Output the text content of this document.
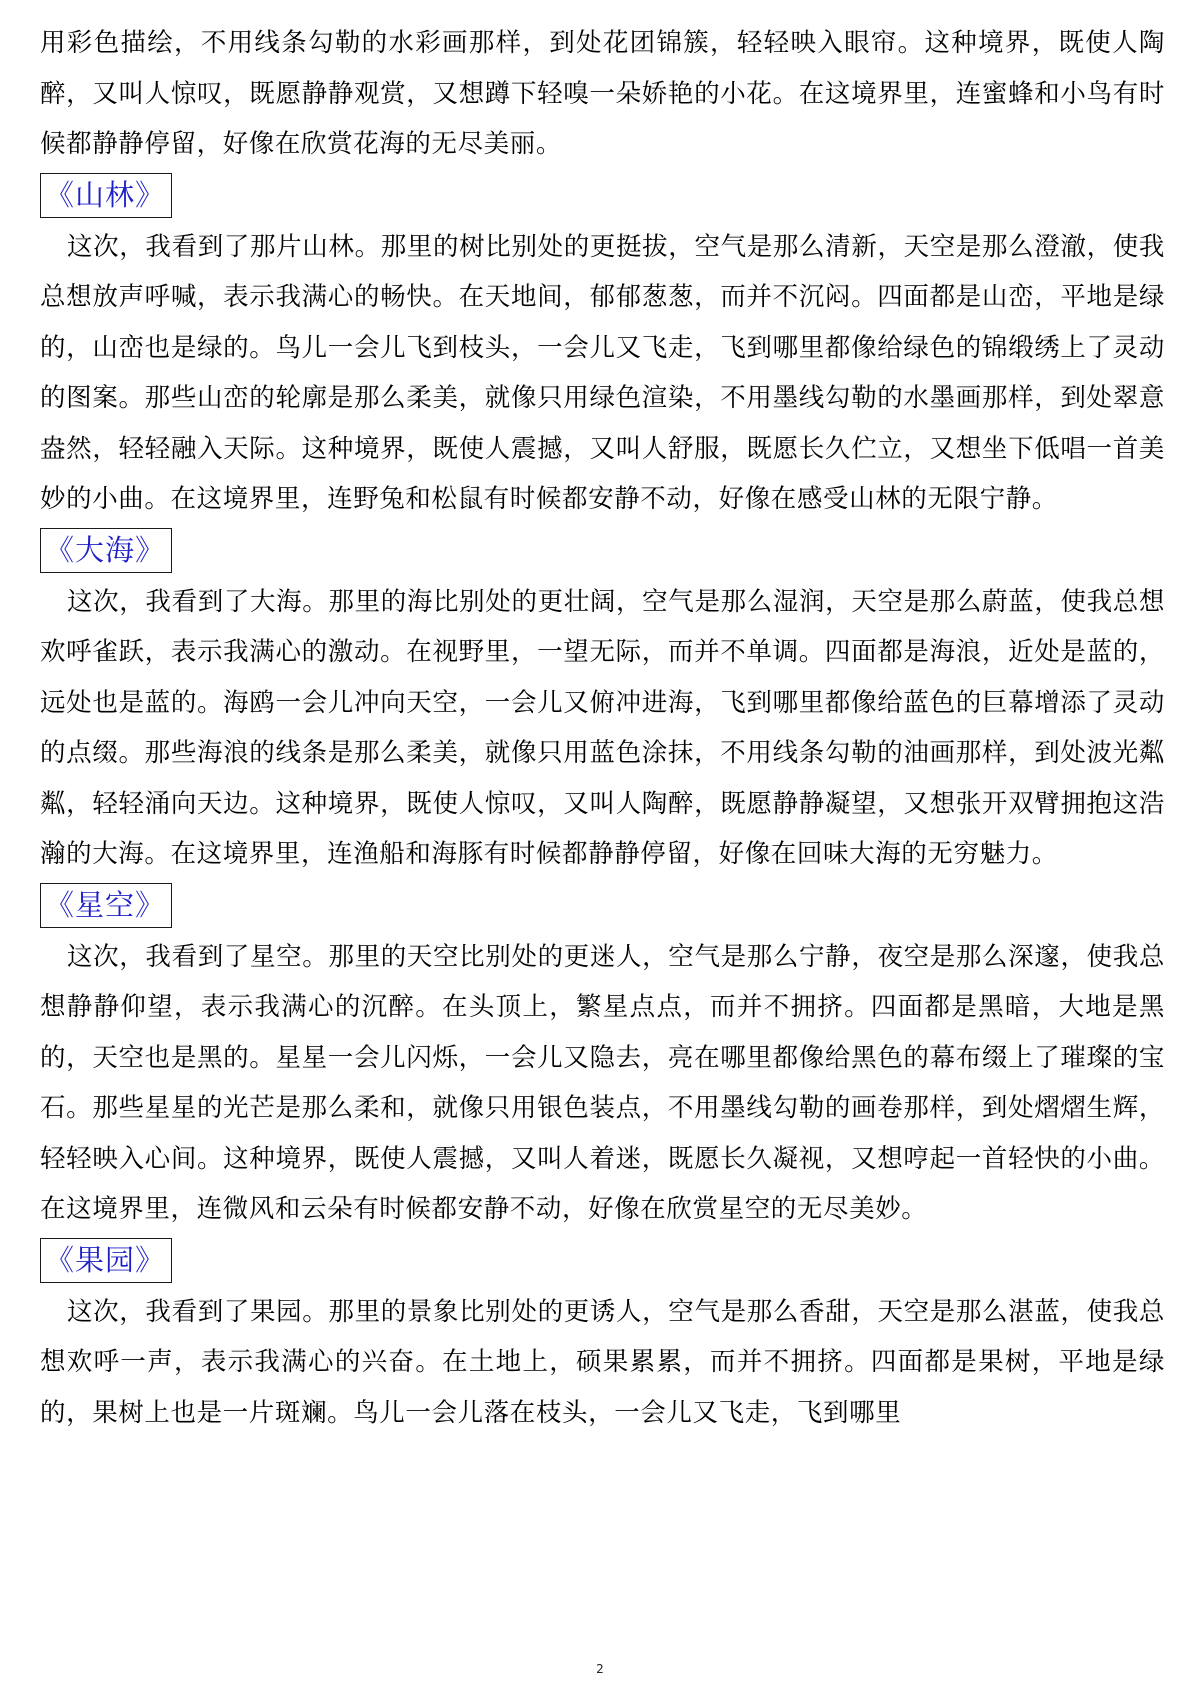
用彩色描绘，不用线条勾勒的水彩画那样，到处花团锦簇，轻轻映入眼帘。这种境界，既使人陶醉，又叫人惊叹，既愿静静观赏，又想蹲下轻嗅一朵娇艳的小花。在这境界里，连蜜蜂和小鸟有时候都静静停留，好像在欣赏花海的无尽美丽。

《山林》

这次，我看到了那片山林。那里的树比别处的更挺拔，空气是那么清新，天空是那么澄澈，使我总想放声呼喊，表示我满心的畅快。在天地间，郁郁葱葱，而并不沉闷。四面都是山峦，平地是绿的，山峦也是绿的。鸟儿一会儿飞到枝头，一会儿又飞走，飞到哪里都像给绿色的锦缎绣上了灵动的图案。那些山峦的轮廓是那么柔美，就像只用绿色渲染，不用墨线勾勒的水墨画那样，到处翠意盎然，轻轻融入天际。这种境界，既使人震撼，又叫人舒服，既愿长久伫立，又想坐下低唱一首美妙的小曲。在这境界里，连野兔和松鼠有时候都安静不动，好像在感受山林的无限宁静。

《大海》

这次，我看到了大海。那里的海比别处的更壮阔，空气是那么湿润，天空是那么蔚蓝，使我总想欢呼雀跃，表示我满心的激动。在视野里，一望无际，而并不单调。四面都是海浪，近处是蓝的，远处也是蓝的。海鸥一会儿冲向天空，一会儿又俯冲进海，飞到哪里都像给蓝色的巨幕增添了灵动的点缀。那些海浪的线条是那么柔美，就像只用蓝色涂抹，不用线条勾勒的油画那样，到处波光粼粼，轻轻涌向天边。这种境界，既使人惊叹，又叫人陶醉，既愿静静凝望，又想张开双臂拥抱这浩瀚的大海。在这境界里，连渔船和海豚有时候都静静停留，好像在回味大海的无穷魅力。

《星空》

这次，我看到了星空。那里的天空比别处的更迷人，空气是那么宁静，夜空是那么深邃，使我总想静静仰望，表示我满心的沉醉。在头顶上，繁星点点，而并不拥挤。四面都是黑暗，大地是黑的，天空也是黑的。星星一会儿闪烁，一会儿又隐去，亮在哪里都像给黑色的幕布缀上了璀璨的宝石。那些星星的光芒是那么柔和，就像只用银色装点，不用墨线勾勒的画卷那样，到处熠熠生辉，轻轻映入心间。这种境界，既使人震撼，又叫人着迷，既愿长久凝视，又想哼起一首轻快的小曲。在这境界里，连微风和云朵有时候都安静不动，好像在欣赏星空的无尽美妙。

《果园》

这次，我看到了果园。那里的景象比别处的更诱人，空气是那么香甜，天空是那么湛蓝，使我总想欢呼一声，表示我满心的兴奋。在土地上，硕果累累，而并不拥挤。四面都是果树，平地是绿的，果树上也是一片斑斓。鸟儿一会儿落在枝头，一会儿又飞走，飞到哪里

2
